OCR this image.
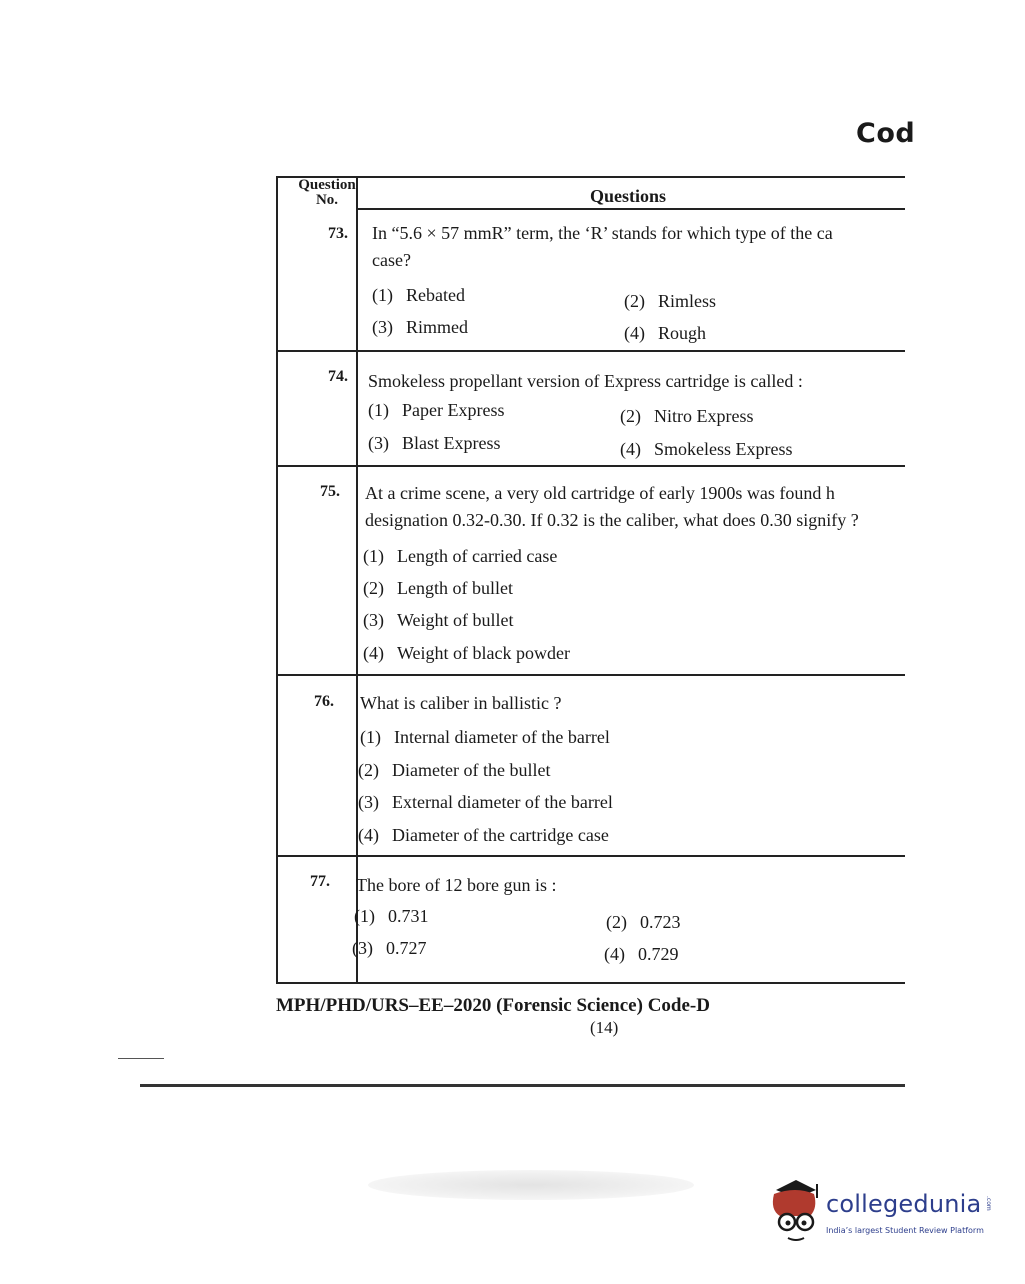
Cod
Question
No.	Questions
73. In “5.6 × 57 mmR” term, the ‘R’ stands for which type of the ca
case?
(1) Rebated	(2) Rimless
(3) Rimmed	(4) Rough
74. Smokeless propellant version of Express cartridge is called :
(1) Paper Express	(2) Nitro Express
(3) Blast Express	(4) Smokeless Express
75. At a crime scene, a very old cartridge of early 1900s was found h
designation 0.32-0.30. If 0.32 is the caliber, what does 0.30 signify ?
(1) Length of carried case
(2) Length of bullet
(3) Weight of bullet
(4) Weight of black powder
76. What is caliber in ballistic ?
(1) Internal diameter of the barrel
(2) Diameter of the bullet
(3) External diameter of the barrel
(4) Diameter of the cartridge case
77. The bore of 12 bore gun is :
(1) 0.731	(2) 0.723
(3) 0.727	(4) 0.729
MPH/PHD/URS–EE–2020 (Forensic Science) Code-D
(14)
collegedunia .com
India’s largest Student Review Platform
